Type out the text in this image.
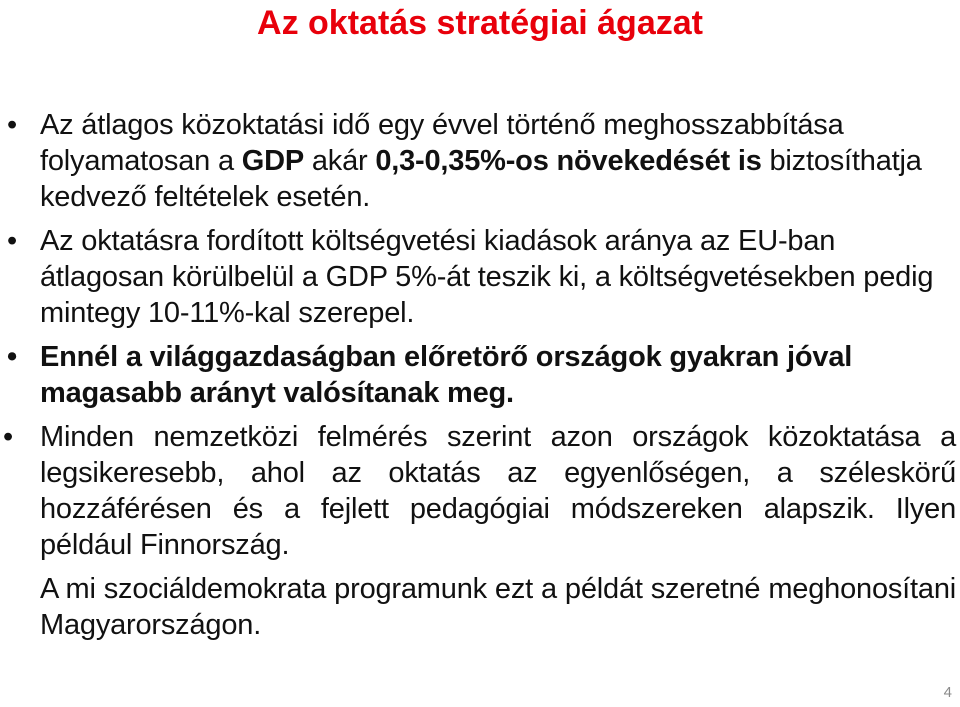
Az oktatás stratégiai ágazat
• Az átlagos közoktatási idő egy évvel történő meghosszabbítása folyamatosan a GDP akár 0,3-0,35%-os növekedését is biztosíthatja kedvező feltételek esetén.
• Az oktatásra fordított költségvetési kiadások aránya az EU-ban átlagosan körülbelül a GDP 5%-át teszik ki, a költségvetésekben pedig mintegy 10-11%-kal szerepel.
• Ennél a világgazdaságban előretörő országok gyakran jóval magasabb arányt valósítanak meg.
• Minden nemzetközi felmérés szerint azon országok közoktatása a legsikeresebb, ahol az oktatás az egyenlőségen, a széleskörű hozzáférésen és a fejlett pedagógiai módszereken alapszik. Ilyen például Finnország.
A mi szociáldemokrata programunk ezt a példát szeretné meghonosítani Magyarországon.
4
